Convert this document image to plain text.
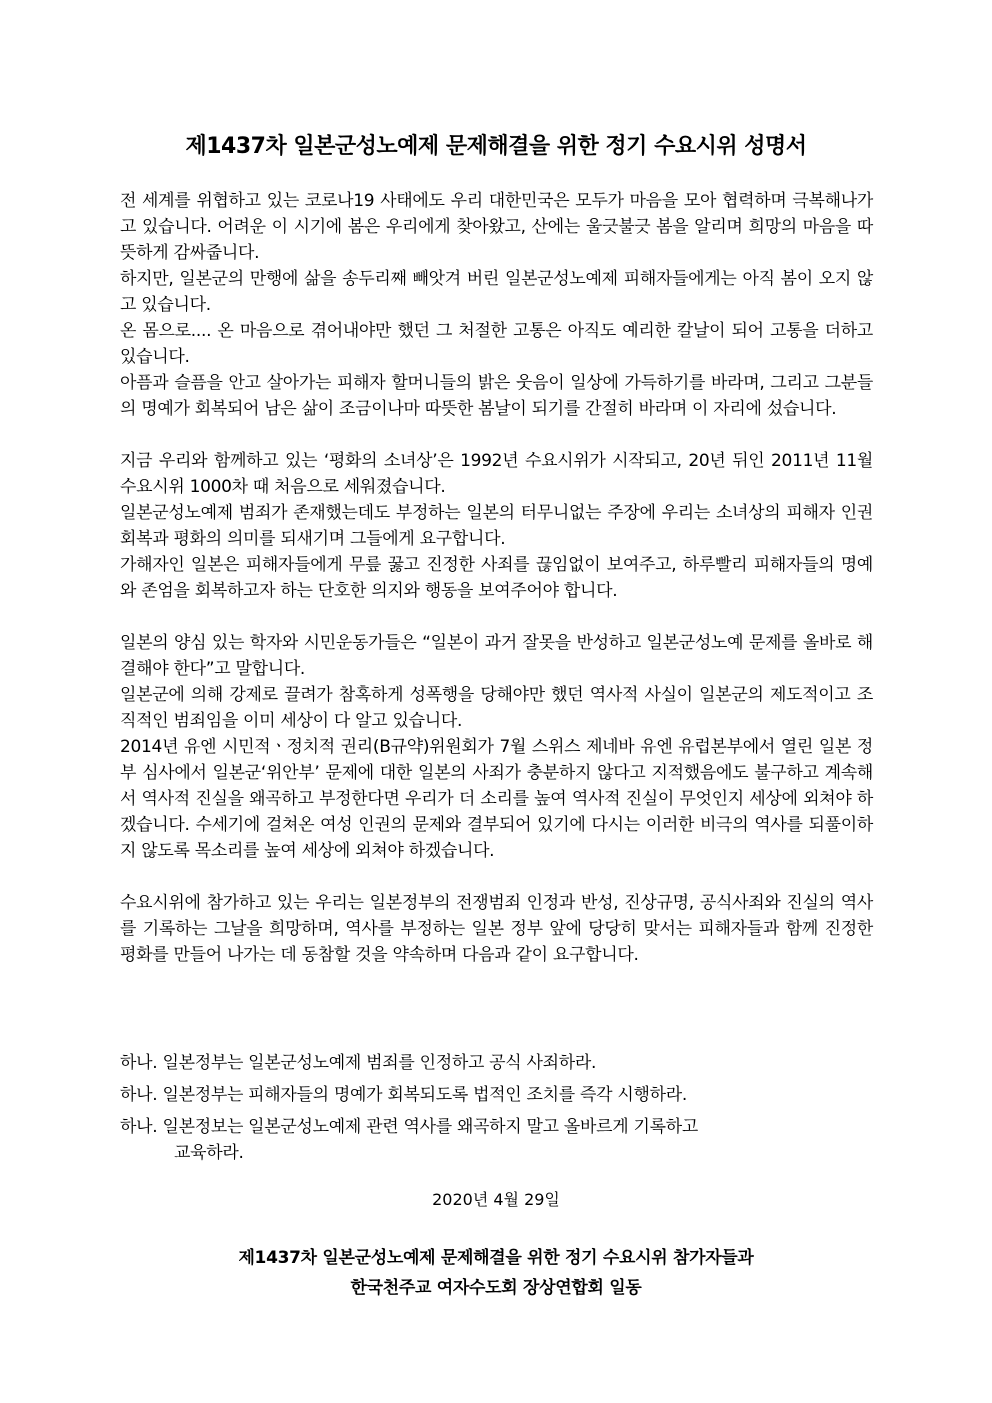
제1437차 일본군성노예제 문제해결을 위한 정기 수요시위 성명서

전 세계를 위협하고 있는 코로나19 사태에도 우리 대한민국은 모두가 마음을 모아 협력하며 극복해나가고 있습니다. 어려운 이 시기에 봄은 우리에게 찾아왔고, 산에는 울긋불긋 봄을 알리며 희망의 마음을 따뜻하게 감싸줍니다.

하지만, 일본군의 만행에 삶을 송두리째 빼앗겨 버린 일본군성노예제 피해자들에게는 아직 봄이 오지 않고 있습니다.

온 몸으로.... 온 마음으로 겪어내야만 했던 그 처절한 고통은 아직도 예리한 칼날이 되어 고통을 더하고 있습니다.

아픔과 슬픔을 안고 살아가는 피해자 할머니들의 밝은 웃음이 일상에 가득하기를 바라며, 그리고 그분들의 명예가 회복되어 남은 삶이 조금이나마 따뜻한 봄날이 되기를 간절히 바라며 이 자리에 섰습니다.

지금 우리와 함께하고 있는 ‘평화의 소녀상’은 1992년 수요시위가 시작되고, 20년 뒤인 2011년 11월 수요시위 1000차 때 처음으로 세워졌습니다.

일본군성노예제 범죄가 존재했는데도 부정하는 일본의 터무니없는 주장에 우리는 소녀상의 피해자 인권 회복과 평화의 의미를 되새기며 그들에게 요구합니다.

가해자인 일본은 피해자들에게 무릎 꿇고 진정한 사죄를 끊임없이 보여주고, 하루빨리 피해자들의 명예와 존엄을 회복하고자 하는 단호한 의지와 행동을 보여주어야 합니다.

일본의 양심 있는 학자와 시민운동가들은 “일본이 과거 잘못을 반성하고 일본군성노예 문제를 올바로 해결해야 한다”고 말합니다.

일본군에 의해 강제로 끌려가 참혹하게 성폭행을 당해야만 했던 역사적 사실이 일본군의 제도적이고 조직적인 범죄임을 이미 세상이 다 알고 있습니다.

2014년 유엔 시민적ㆍ정치적 권리(B규약)위원회가 7월 스위스 제네바 유엔 유럽본부에서 열린 일본 정부 심사에서 일본군‘위안부’ 문제에 대한 일본의 사죄가 충분하지 않다고 지적했음에도 불구하고 계속해서 역사적 진실을 왜곡하고 부정한다면 우리가 더 소리를 높여 역사적 진실이 무엇인지 세상에 외쳐야 하겠습니다. 수세기에 걸쳐온 여성 인권의 문제와 결부되어 있기에 다시는 이러한 비극의 역사를 되풀이하지 않도록 목소리를 높여 세상에 외쳐야 하겠습니다.

수요시위에 참가하고 있는 우리는 일본정부의 전쟁범죄 인정과 반성, 진상규명, 공식사죄와 진실의 역사를 기록하는 그날을 희망하며, 역사를 부정하는 일본 정부 앞에 당당히 맞서는 피해자들과 함께 진정한 평화를 만들어 나가는 데 동참할 것을 약속하며 다음과 같이 요구합니다.

하나. 일본정부는 일본군성노예제 범죄를 인정하고 공식 사죄하라.
하나. 일본정부는 피해자들의 명예가 회복되도록 법적인 조치를 즉각 시행하라.
하나. 일본정보는 일본군성노예제 관련 역사를 왜곡하지 말고 올바르게 기록하고
교육하라.
2020년 4월 29일
제1437차 일본군성노예제 문제해결을 위한 정기 수요시위 참가자들과
한국천주교 여자수도회 장상연합회 일동
